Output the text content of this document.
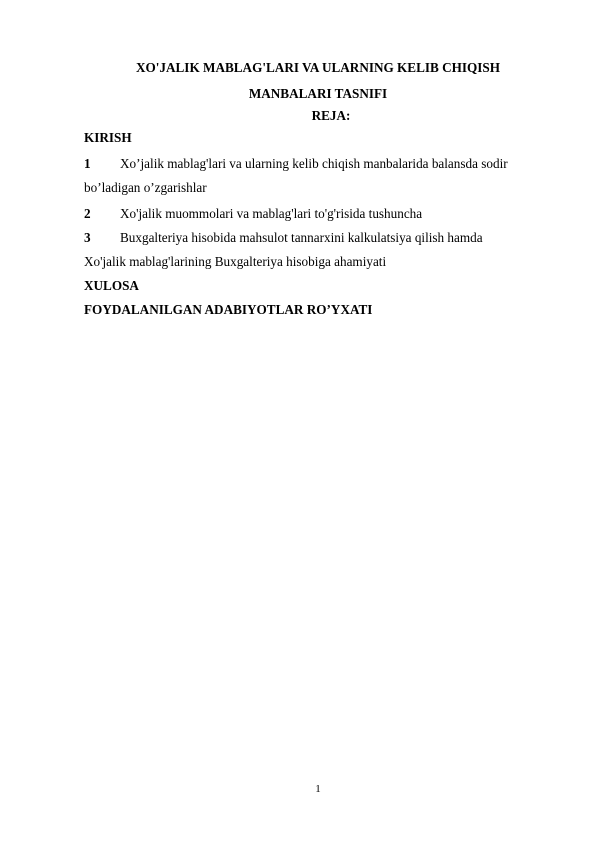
XO'JALIK MABLAG'LARI VA ULARNING KELIB CHIQISH
MANBALARI TASNIFI
REJA:
KIRISH
1 Xo’jalik mablag'lari va ularning kelib chiqish manbalarida balansda sodir
bo’ladigan o’zgarishlar
2 Xo'jalik muommolari va mablag'lari to'g'risida tushuncha
3 Buxgalteriya hisobida mahsulot tannarxini kalkulatsiya qilish hamda
Xo'jalik mablag'larining Buxgalteriya hisobiga ahamiyati
XULOSA
FOYDALANILGAN ADABIYOTLAR RO’YXATI
1
